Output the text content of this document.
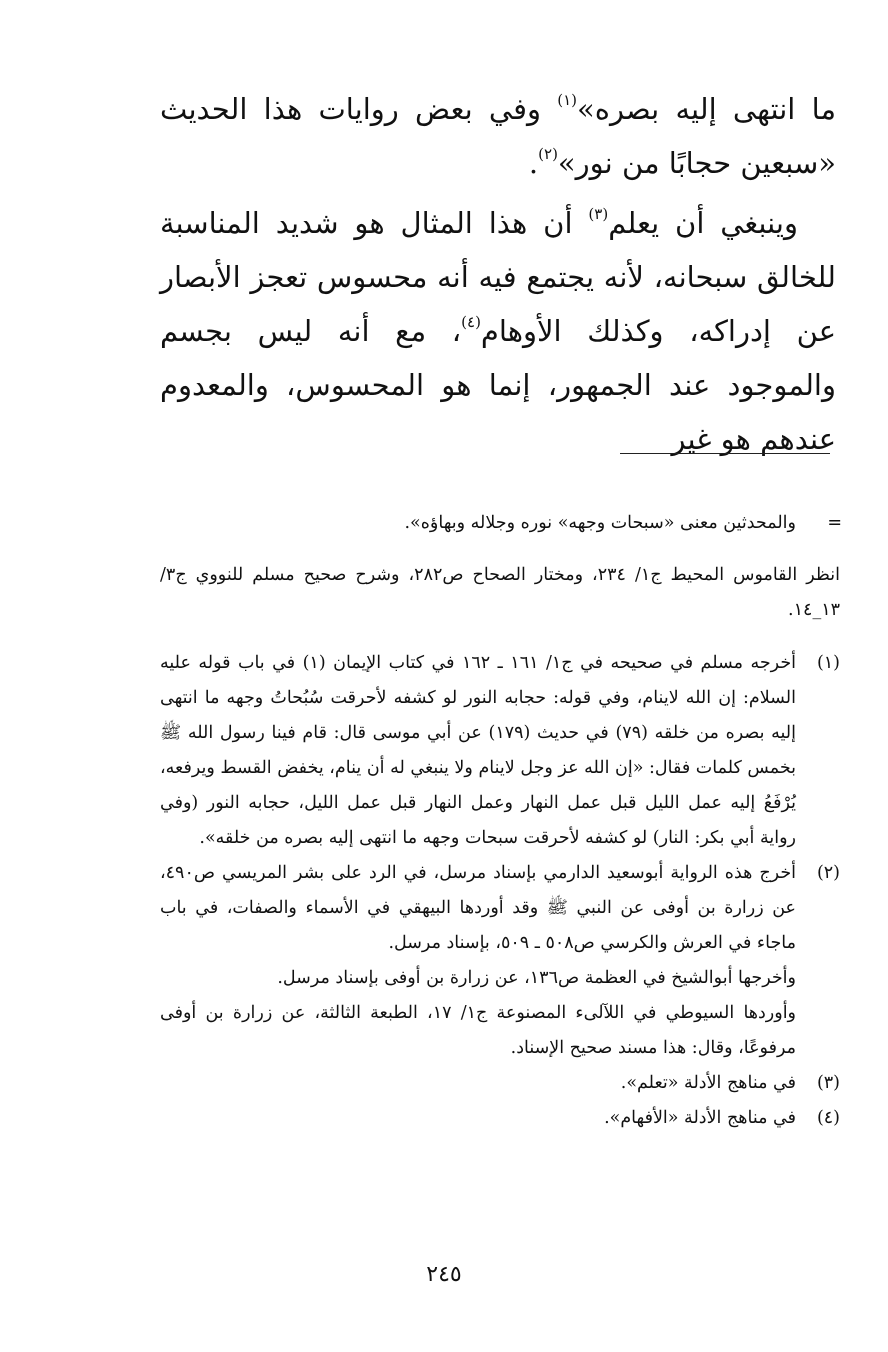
ما انتهى إليه بصره»$^{(١)}$ وفي بعض روايات هذا الحديث «سبعين حجابًا من نور»$^{(٢)}$.

وينبغي أن يعلم$^{(٣)}$ أن هذا المثال هو شديد المناسبة للخالق سبحانه، لأنه يجتمع فيه أنه محسوس تعجز الأبصار عن إدراكه، وكذلك الأوهام$^{(٤)}$، مع أنه ليس بجسم والموجود عند الجمهور، إنما هو المحسوس، والمعدوم عندهم هو غير

=

والمحدثين معنى «سبحات وجهه» نوره وجلاله وبهاؤه».

انظر القاموس المحيط ج١/ ٢٣٤، ومختار الصحاح ص٢٨٢، وشرح صحيح مسلم للنووي ج٣/ ١٣_١٤.

(١)

أخرجه مسلم في صحيحه في ج١/ ١٦١ ـ ١٦٢ في كتاب الإيمان (١) في باب قوله عليه السلام: إن الله لاينام، وفي قوله: حجابه النور لو كشفه لأحرقت سُبُحاتُ وجهه ما انتهى إليه بصره من خلقه (٧٩) في حديث (١٧٩) عن أبي موسى قال: قام فينا رسول الله ﷺ بخمس كلمات فقال: «إن الله عز وجل لاينام ولا ينبغي له أن ينام، يخفض القسط ويرفعه، يُرْفَعُ إليه عمل الليل قبل عمل النهار وعمل النهار قبل عمل الليل، حجابه النور (وفي رواية أبي بكر: النار) لو كشفه لأحرقت سبحات وجهه ما انتهى إليه بصره من خلقه».

(٢)

أخرج هذه الرواية أبوسعيد الدارمي بإسناد مرسل، في الرد على بشر المريسي ص٤٩٠، عن زرارة بن أوفى عن النبي ﷺ وقد أوردها البيهقي في الأسماء والصفات، في باب ماجاء في العرش والكرسي ص٥٠٨ ـ ٥٠٩، بإسناد مرسل.

وأخرجها أبوالشيخ في العظمة ص١٣٦، عن زرارة بن أوفى بإسناد مرسل.

وأوردها السيوطي في اللآلىء المصنوعة ج١/ ١٧، الطبعة الثالثة، عن زرارة بن أوفى مرفوعًا، وقال: هذا مسند صحيح الإسناد.

(٣)

في مناهج الأدلة «تعلم».

(٤)

في مناهج الأدلة «الأفهام».

٢٤٥
